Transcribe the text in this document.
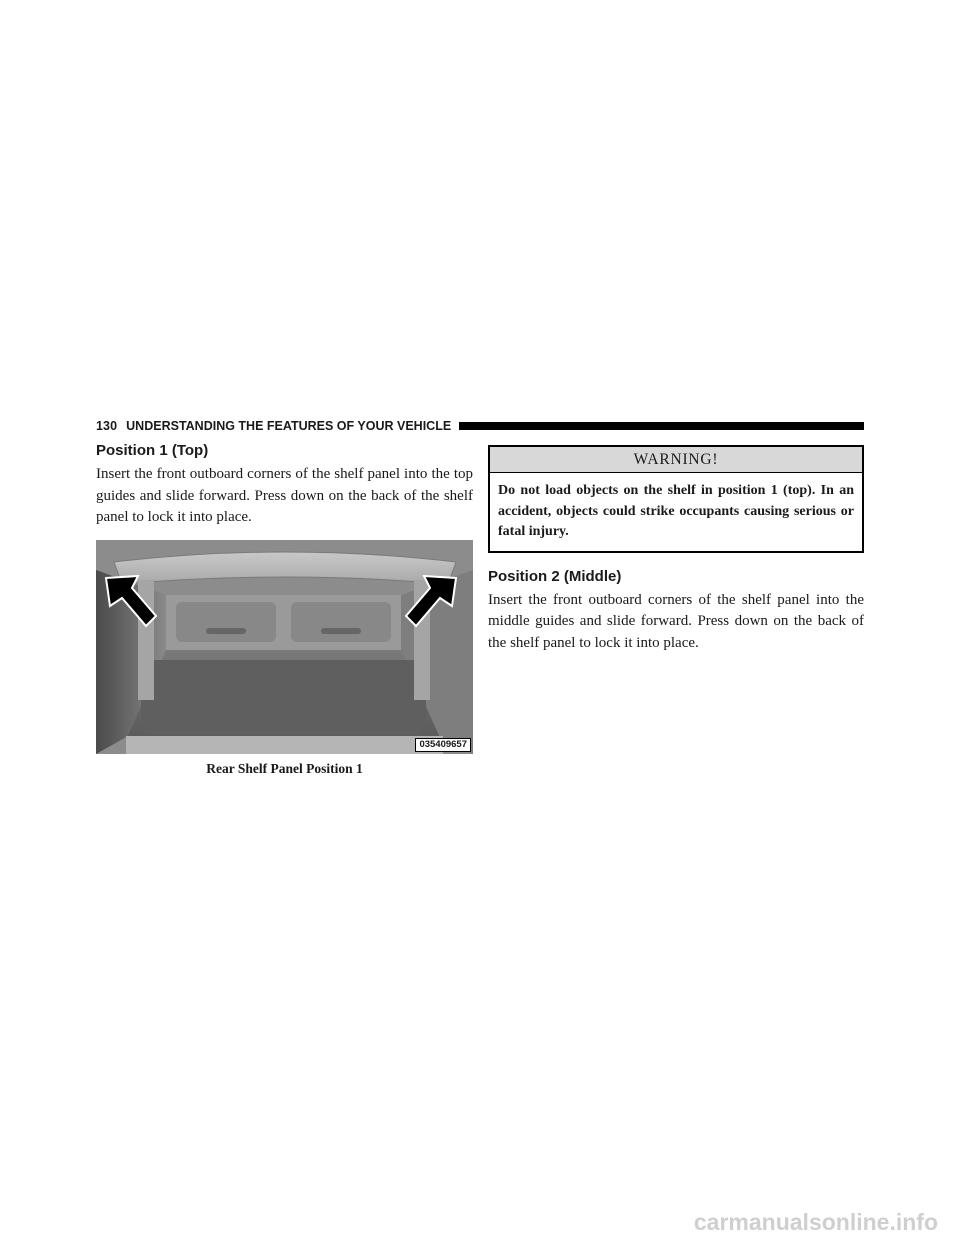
130 UNDERSTANDING THE FEATURES OF YOUR VEHICLE
Position 1 (Top)

Insert the front outboard corners of the shelf panel into the top guides and slide forward. Press down on the back of the shelf panel to lock it into place.

035409657
Rear Shelf Panel Position 1
WARNING!
Do not load objects on the shelf in position 1 (top). In an accident, objects could strike occupants causing serious or fatal injury.
Position 2 (Middle)

Insert the front outboard corners of the shelf panel into the middle guides and slide forward. Press down on the back of the shelf panel to lock it into place.

carmanualsonline.info
